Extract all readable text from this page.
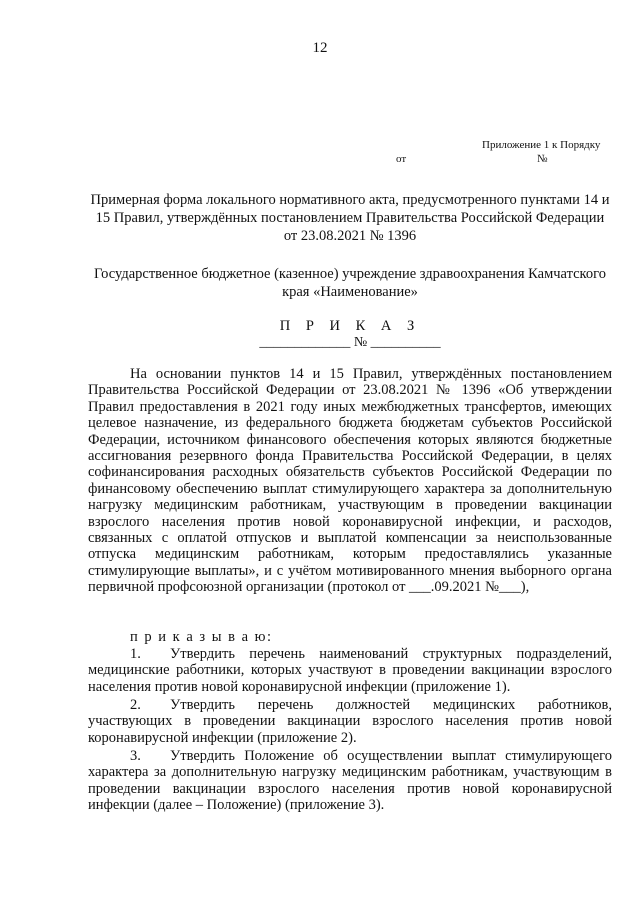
12
Приложение 1 к Порядку
от	№
Примерная форма локального нормативного акта, предусмотренного пунктами 14 и 15 Правил, утверждённых постановлением Правительства Российской Федерации от 23.08.2021 № 1396
Государственное бюджетное (казенное) учреждение здравоохранения Камчатского края «Наименование»
П Р И К А З
_____________ № __________
На основании пунктов 14 и 15 Правил, утверждённых постановлением Правительства Российской Федерации от 23.08.2021 № 1396 «Об утверждении Правил предоставления в 2021 году иных межбюджетных трансфертов, имеющих целевое назначение, из федерального бюджета бюджетам субъектов Российской Федерации, источником финансового обеспечения которых являются бюджетные ассигнования резервного фонда Правительства Российской Федерации, в целях софинансирования расходных обязательств субъектов Российской Федерации по финансовому обеспечению выплат стимулирующего характера за дополнительную нагрузку медицинским работникам, участвующим в проведении вакцинации взрослого населения против новой коронавирусной инфекции, и расходов, связанных с оплатой отпусков и выплатой компенсации за неиспользованные отпуска медицинским работникам, которым предоставлялись указанные стимулирующие выплаты», и с учётом мотивированного мнения выборного органа первичной профсоюзной организации (протокол от ___.09.2021 №___),
п р и к а з ы в а ю:
1. Утвердить перечень наименований структурных подразделений, медицинские работники, которых участвуют в проведении вакцинации взрослого населения против новой коронавирусной инфекции (приложение 1).
2. Утвердить перечень должностей медицинских работников, участвующих в проведении вакцинации взрослого населения против новой коронавирусной инфекции (приложение 2).
3. Утвердить Положение об осуществлении выплат стимулирующего характера за дополнительную нагрузку медицинским работникам, участвующим в проведении вакцинации взрослого населения против новой коронавирусной инфекции (далее – Положение) (приложение 3).
